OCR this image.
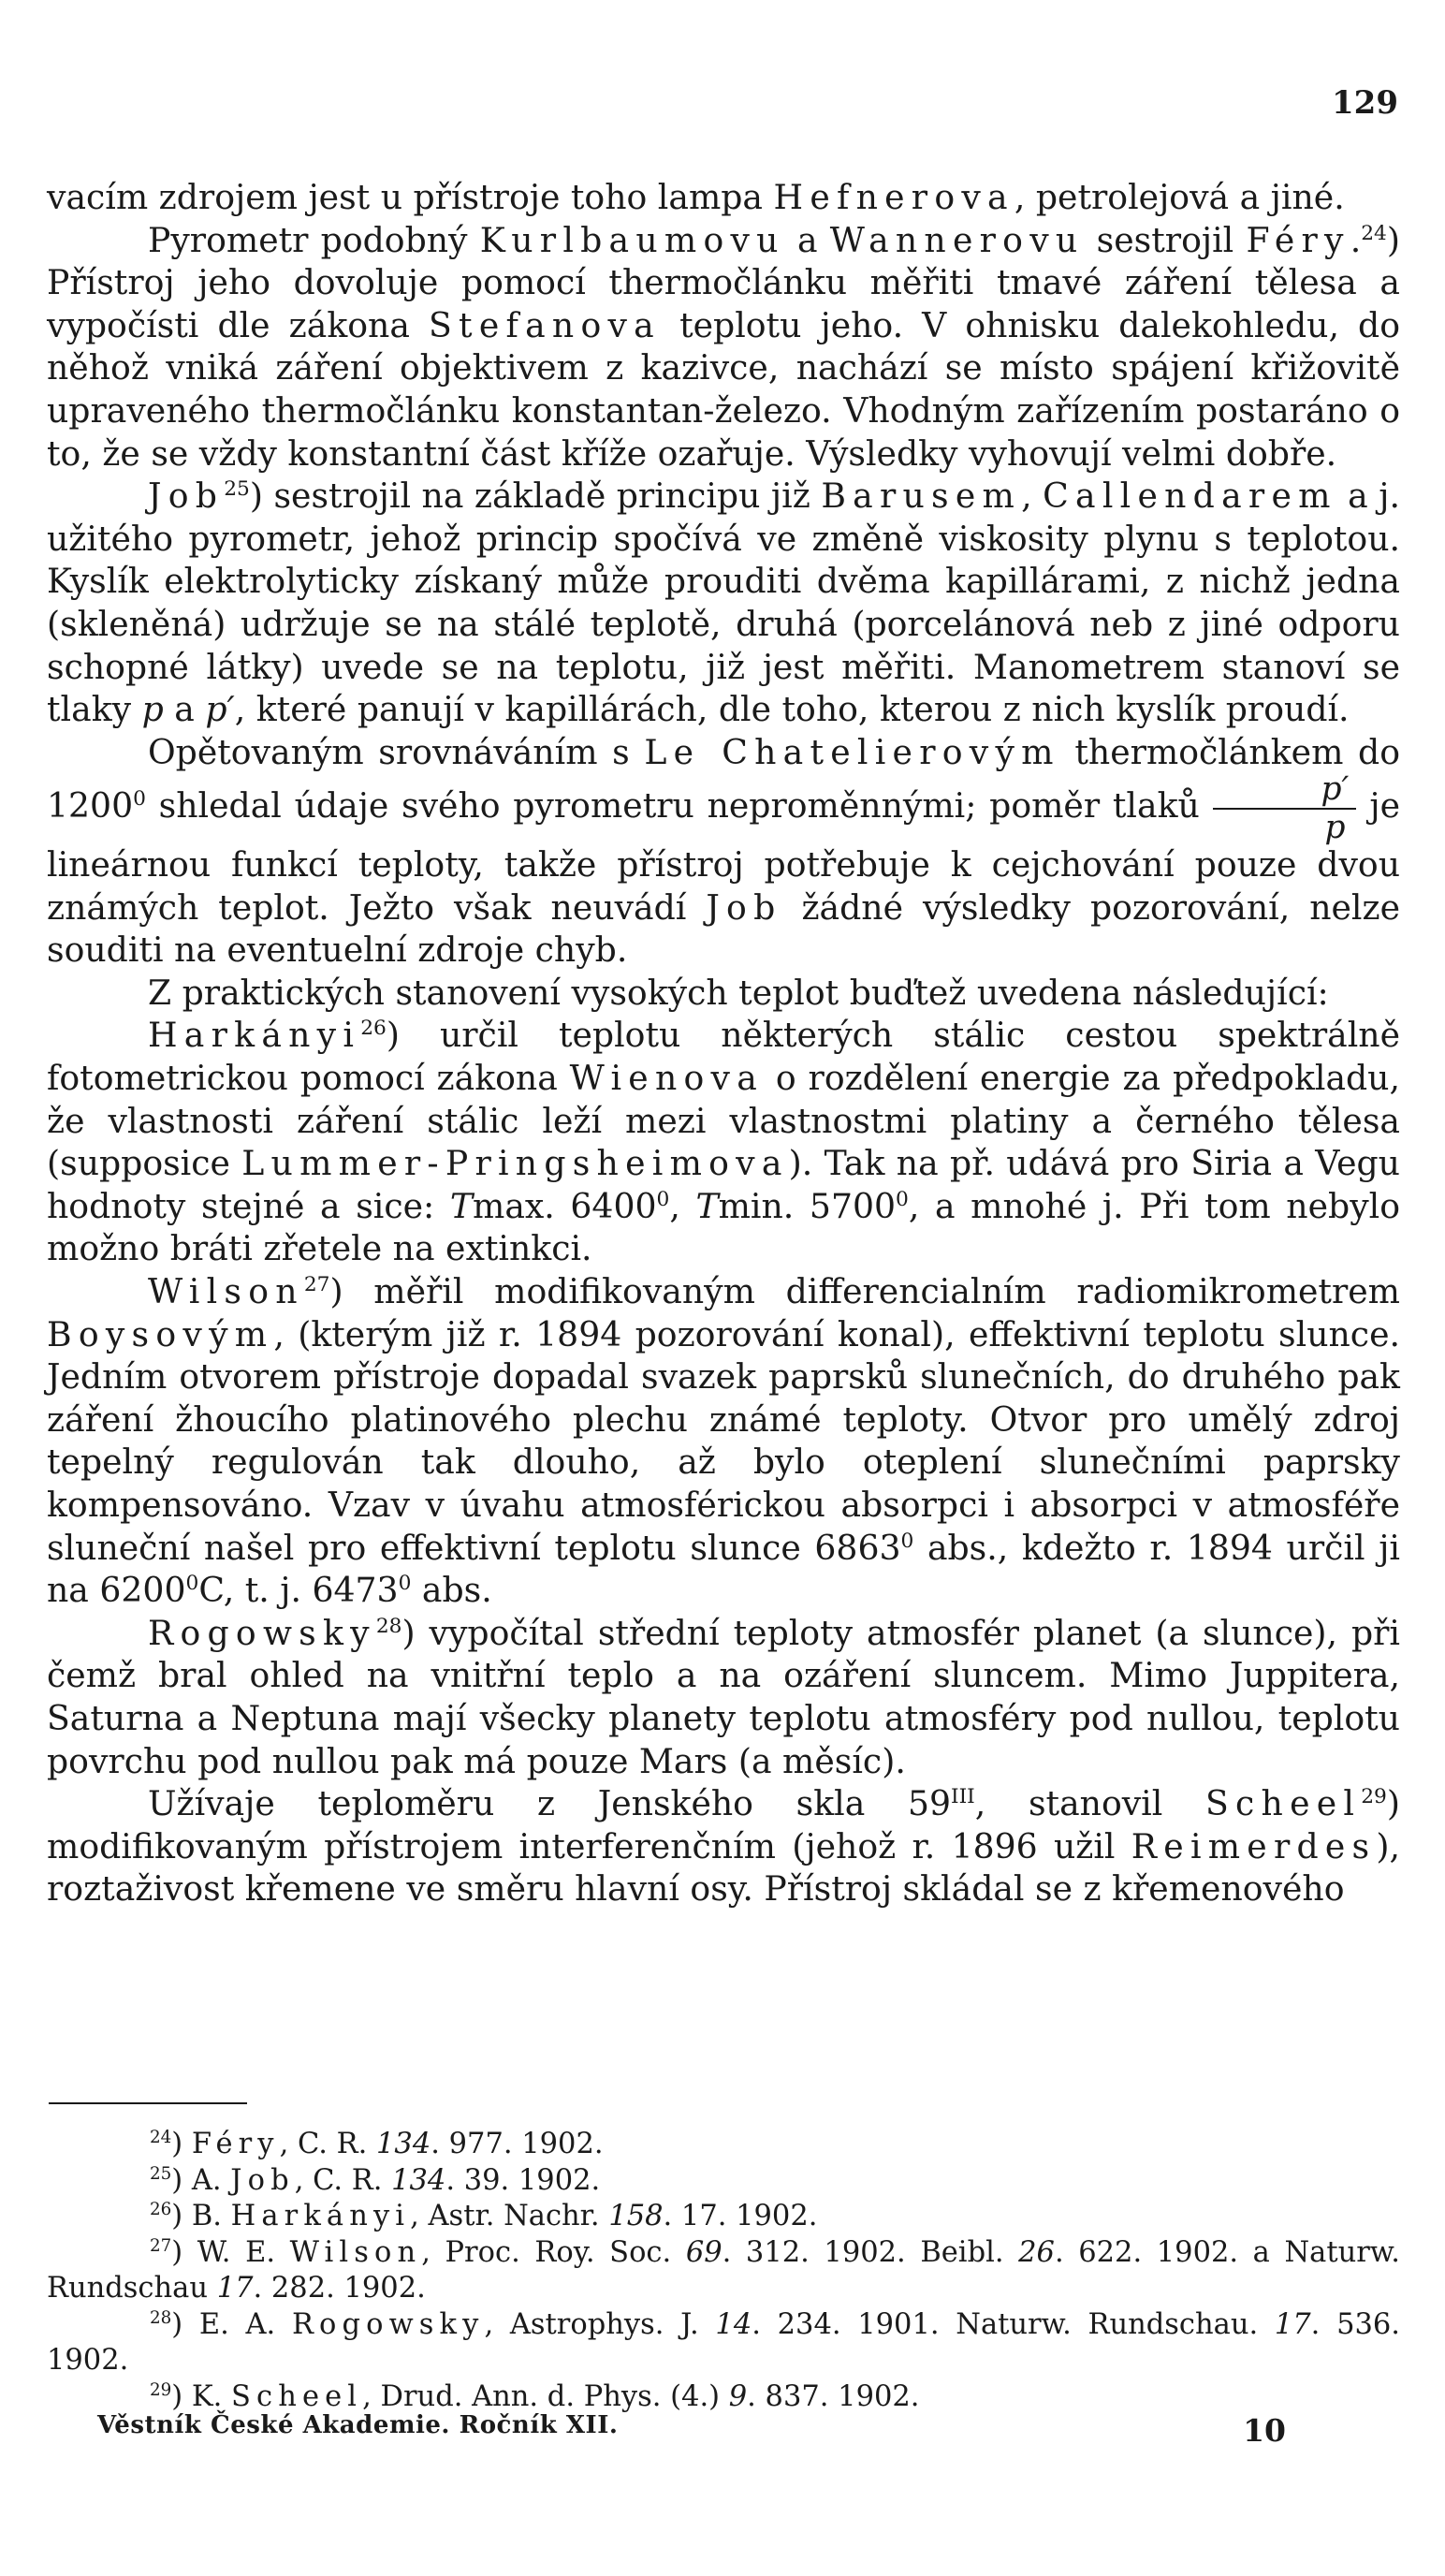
129

vacím zdrojem jest u přístroje toho lampa Hefnerova, petrolejová a jiné.

Pyrometr podobný Kurlbaumovu a Wannerovu sestrojil Féry.$^{24}$) Přístroj jeho dovoluje pomocí thermočlánku měřiti tmavé záření tělesa a vypočísti dle zákona Stefanova teplotu jeho. V ohnisku dalekohledu, do něhož vniká záření objektivem z kazivce, nachází se místo spájení křižovitě upraveného thermočlánku konstantan-železo. Vhodným zařízením postaráno o to, že se vždy konstantní část kříže ozařuje. Výsledky vyhovují velmi dobře.

Job$^{25}$) sestrojil na základě principu již Barusem, Callendarem a j. užitého pyrometr, jehož princip spočívá ve změně viskosity plynu s teplotou. Kyslík elektrolyticky získaný může prouditi dvěma kapillárami, z nichž jedna (skleněná) udržuje se na stálé teplotě, druhá (porcelánová neb z jiné odporu schopné látky) uvede se na teplotu, již jest měřiti. Manometrem stanoví se tlaky p a p′, které panují v kapillárách, dle toho, kterou z nich kyslík proudí.

Opětovaným srovnáváním s Le Chatelierovým thermočlánkem do 1200$^0$ shledal údaje svého pyrometru neproměnnými; poměr tlaků $\frac{p'}{p}$ je lineárnou funkcí teploty, takže přístroj potřebuje k cejchování pouze dvou známých teplot. Ježto však neuvádí Job žádné výsledky pozorování, nelze souditi na eventuelní zdroje chyb.

Z praktických stanovení vysokých teplot buďtež uvedena následující:

Harkányi$^{26}$) určil teplotu některých stálic cestou spektrálně fotometrickou pomocí zákona Wienova o rozdělení energie za předpokladu, že vlastnosti záření stálic leží mezi vlastnostmi platiny a černého tělesa (supposice Lummer-Pringsheimova). Tak na př. udává pro Siria a Vegu hodnoty stejné a sice: Tmax. 6400$^0$, Tmin. 5700$^0$, a mnohé j. Při tom nebylo možno bráti zřetele na extinkci.

Wilson$^{27}$) měřil modifikovaným differencialním radiomikrometrem Boysovým, (kterým již r. 1894 pozorování konal), effektivní teplotu slunce. Jedním otvorem přístroje dopadal svazek paprsků slunečních, do druhého pak záření žhoucího platinového plechu známé teploty. Otvor pro umělý zdroj tepelný regulován tak dlouho, až bylo oteplení slunečními paprsky kompensováno. Vzav v úvahu atmosférickou absorpci i absorpci v atmosféře sluneční našel pro effektivní teplotu slunce 6863$^0$ abs., kdežto r. 1894 určil ji na 6200$^0$C, t. j. 6473$^0$ abs.

Rogowsky$^{28}$) vypočítal střední teploty atmosfér planet (a slunce), při čemž bral ohled na vnitřní teplo a na ozáření sluncem. Mimo Juppitera, Saturna a Neptuna mají všecky planety teplotu atmosféry pod nullou, teplotu povrchu pod nullou pak má pouze Mars (a měsíc).

Užívaje teploměru z Jenského skla $59^{III}$, stanovil Scheel$^{29}$) modifikovaným přístrojem interferenčním (jehož r. 1896 užil Reimerdes), roztaživost křemene ve směru hlavní osy. Přístroj skládal se z křemenového

$^{24}$) Féry, C. R. 134. 977. 1902.

$^{25}$) A. Job, C. R. 134. 39. 1902.

$^{26}$) B. Harkányi, Astr. Nachr. 158. 17. 1902.

$^{27}$) W. E. Wilson, Proc. Roy. Soc. 69. 312. 1902. Beibl. 26. 622. 1902. a Naturw. Rundschau 17. 282. 1902.

$^{28}$) E. A. Rogowsky, Astrophys. J. 14. 234. 1901. Naturw. Rundschau. 17. 536. 1902.

$^{29}$) K. Scheel, Drud. Ann. d. Phys. (4.) 9. 837. 1902.

Věstník České Akademie. Ročník XII.	10
